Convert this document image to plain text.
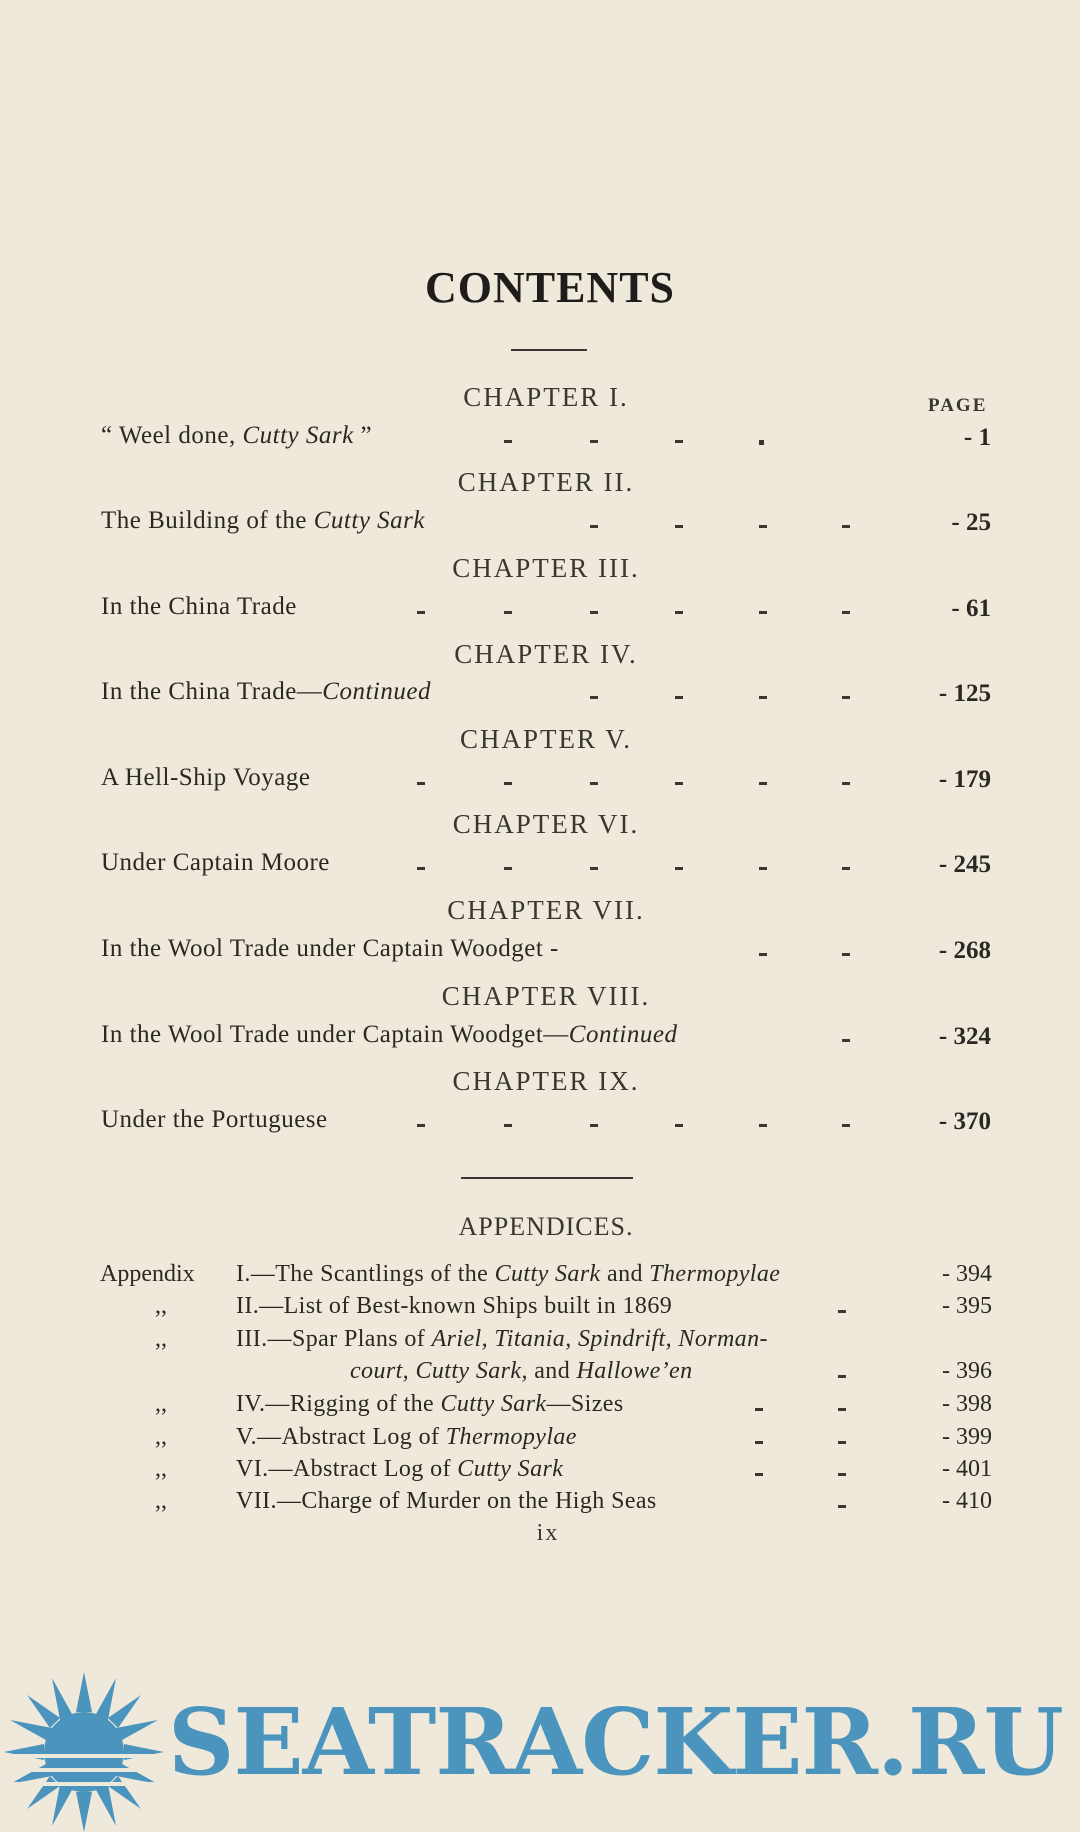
CONTENTS
PAGE
CHAPTER I.
“ Weel done, Cutty Sark ”	- 1
CHAPTER II.
The Building of the Cutty Sark	- 25
CHAPTER III.
In the China Trade	- 61
CHAPTER IV.
In the China Trade—Continued	- 125
CHAPTER V.
A Hell-Ship Voyage	- 179
CHAPTER VI.
Under Captain Moore	- 245
CHAPTER VII.
In the Wool Trade under Captain Woodget -	- 268
CHAPTER VIII.
In the Wool Trade under Captain Woodget—Continued	- 324
CHAPTER IX.
Under the Portuguese	- 370
APPENDICES.
Appendix I.—The Scantlings of the Cutty Sark and Thermopylae	- 394
,,	II.—List of Best-known Ships built in 1869	- 395
,,	III.—Spar Plans of Ariel, Titania, Spindrift, Norman-
court, Cutty Sark, and Hallowe’en	- 396
,,	IV.—Rigging of the Cutty Sark—Sizes	- 398
,,	V.—Abstract Log of Thermopylae	- 399
,,	VI.—Abstract Log of Cutty Sark	- 401
,,	VII.—Charge of Murder on the High Seas	- 410
ix
SEATRACKER.RU
